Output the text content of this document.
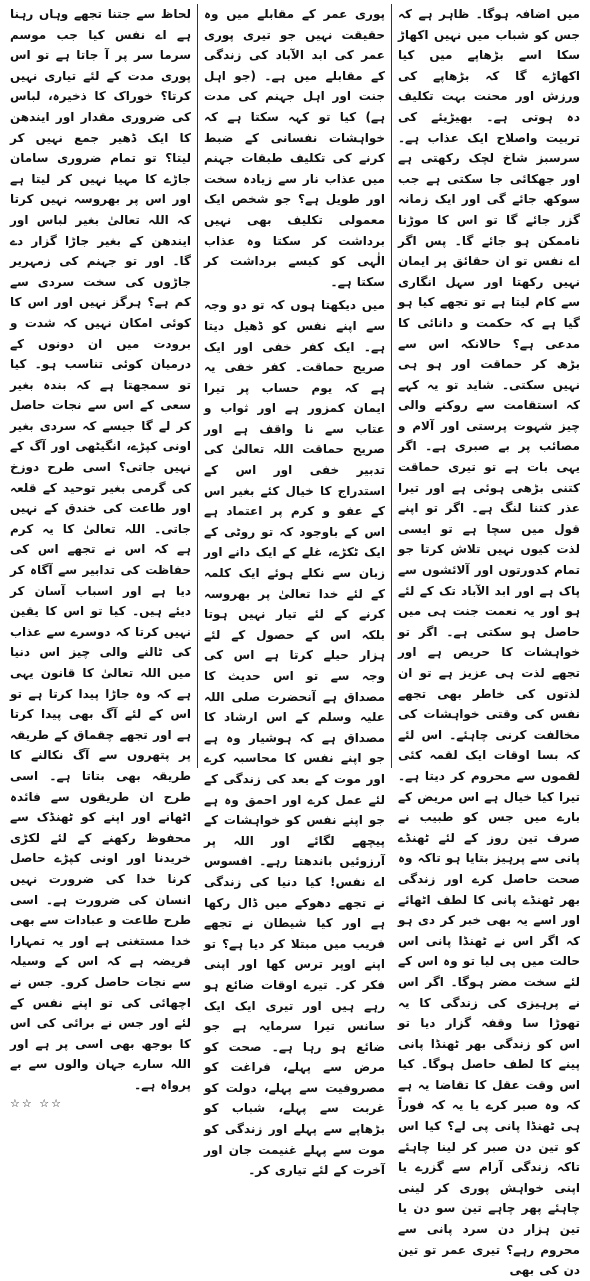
میں اضافہ ہوگا۔ ظاہر ہے کہ جس کو شباب میں نہیں اکھاڑ سکا اسے بڑھاپے میں کیا اکھاڑے گا کہ بڑھاپے کی ورزش اور محنت بہت تکلیف دہ ہوتی ہے۔ بھیڑیئے کی تربیت واصلاح ایک عذاب ہے۔ سرسبز شاخ لچک رکھتی ہے اور جھکائی جا سکتی ہے جب سوکھ جائے گی اور ایک زمانہ گزر جائے گا تو اس کا موڑنا ناممکن ہو جائے گا۔ پس اگر اے نفس تو ان حقائق پر ایمان نہیں رکھتا اور سہل انگاری سے کام لیتا ہے تو تجھے کیا ہو گیا ہے کہ حکمت و دانائی کا مدعی ہے؟ حالانکہ اس سے بڑھ کر حماقت اور ہو ہی نہیں سکتی۔ شاید تو یہ کہے کہ استقامت سے روکنے والی چیز شہوت پرستی اور آلام و مصائب پر بے صبری ہے۔ اگر یہی بات ہے تو تیری حماقت کتنی بڑھی ہوئی ہے اور تیرا عذر کتنا لنگ ہے۔ اگر تو اپنے قول میں سچا ہے تو ایسی لذت کیوں نہیں تلاش کرتا جو تمام کدورتوں اور آلائشوں سے پاک ہے اور ابد الآباد تک کے لئے ہو اور یہ نعمت جنت ہی میں حاصل ہو سکتی ہے۔ اگر تو خواہشات کا حریص ہے اور تجھے لذت ہی عزیز ہے تو ان لذتوں کی خاطر بھی تجھے نفس کی وقتی خواہشات کی مخالفت کرنی چاہئے۔ اس لئے کہ بسا اوقات ایک لقمہ کئی لقموں سے محروم کر دیتا ہے۔ تیرا کیا خیال ہے اس مریض کے بارے میں جس کو طبیب نے صرف تین روز کے لئے ٹھنڈے پانی سے پرہیز بتایا ہو تاکہ وہ صحت حاصل کرے اور زندگی بھر ٹھنڈے پانی کا لطف اٹھائے اور اسے یہ بھی خبر کر دی ہو کہ اگر اس نے ٹھنڈا پانی اس حالت میں پی لیا تو وہ اس کے لئے سخت مضر ہوگا۔ اگر اس نے پرہیزی کی زندگی کا یہ تھوڑا سا وقفہ گزار دیا تو اس کو زندگی بھر ٹھنڈا پانی پینے کا لطف حاصل ہوگا۔ کیا اس وقت عقل کا تقاضا یہ ہے کہ وہ صبر کرے یا یہ کہ فوراً ہی ٹھنڈا پانی پی لے؟ کیا اس کو تین دن صبر کر لینا چاہئے تاکہ زندگی آرام سے گزرے یا اپنی خواہش پوری کر لینی چاہئے پھر چاہے تین سو دن یا تین ہزار دن سرد پانی سے محروم رہے؟ تیری عمر تو تین دن کی بھی

پوری عمر کے مقابلے میں وہ حقیقت نہیں جو تیری پوری عمر کی ابد الآباد کی زندگی کے مقابلے میں ہے۔ (جو اہل جنت اور اہل جہنم کی مدت ہے) کیا تو کہہ سکتا ہے کہ خواہشات نفسانی کے ضبط کرنے کی تکلیف طبقات جہنم میں عذاب نار سے زیادہ سخت اور طویل ہے؟ جو شخص ایک معمولی تکلیف بھی نہیں برداشت کر سکتا وہ عذاب الٰہی کو کیسے برداشت کر سکتا ہے۔

میں دیکھتا ہوں کہ تو دو وجہ سے اپنے نفس کو ڈھیل دیتا ہے۔ ایک کفر خفی اور ایک صریح حماقت۔ کفر خفی یہ ہے کہ یوم حساب پر تیرا ایمان کمزور ہے اور ثواب و عتاب سے نا واقف ہے اور صریح حماقت اللہ تعالیٰ کی تدبیر خفی اور اس کے استدراج کا خیال کئے بغیر اس کے عفو و کرم پر اعتماد ہے اس کے باوجود کہ تو روٹی کے ایک ٹکڑے، غلے کے ایک دانے اور زبان سے نکلے ہوئے ایک کلمہ کے لئے خدا تعالیٰ پر بھروسہ کرنے کے لئے تیار نہیں ہوتا بلکہ اس کے حصول کے لئے ہزار حیلے کرتا ہے اس کی وجہ سے تو اس حدیث کا مصداق ہے آنحضرت صلی اللہ علیہ وسلم کے اس ارشاد کا مصداق ہے کہ ہوشیار وہ ہے جو اپنے نفس کا محاسبہ کرے اور موت کے بعد کی زندگی کے لئے عمل کرے اور احمق وہ ہے جو اپنے نفس کو خواہشات کے پیچھے لگائے اور اللہ پر آرزوئیں باندھتا رہے۔ افسوس اے نفس! کیا دنیا کی زندگی نے تجھے دھوکے میں ڈال رکھا ہے اور کیا شیطان نے تجھے فریب میں مبتلا کر دیا ہے؟ تو اپنے اوپر ترس کھا اور اپنی فکر کر۔ تیرے اوقات ضائع ہو رہے ہیں اور تیری ایک ایک سانس تیرا سرمایہ ہے جو ضائع ہو رہا ہے۔ صحت کو مرض سے پہلے، فراغت کو مصروفیت سے پہلے، دولت کو غربت سے پہلے، شباب کو بڑھاپے سے پہلے اور زندگی کو موت سے پہلے غنیمت جان اور آخرت کے لئے تیاری کر۔

لحاظ سے جتنا تجھے وہاں رہنا ہے اے نفس کیا جب موسم سرما سر پر آ جاتا ہے تو اس پوری مدت کے لئے تیاری نہیں کرتا؟ خوراک کا ذخیرہ، لباس کی ضروری مقدار اور ایندھن کا ایک ڈھیر جمع نہیں کر لیتا؟ تو تمام ضروری سامان جاڑے کا مہیا نہیں کر لیتا ہے اور اس پر بھروسہ نہیں کرتا کہ اللہ تعالیٰ بغیر لباس اور ایندھن کے بغیر جاڑا گزار دے گا۔ اور تو جہنم کی زمہریر جاڑوں کی سخت سردی سے کم ہے؟ ہرگز نہیں اور اس کا کوئی امکان نہیں کہ شدت و برودت میں ان دونوں کے درمیان کوئی تناسب ہو۔ کیا تو سمجھتا ہے کہ بندہ بغیر سعی کے اس سے نجات حاصل کر لے گا جیسے کہ سردی بغیر اونی کپڑے، انگیٹھی اور آگ کے نہیں جاتی؟ اسی طرح دوزخ کی گرمی بغیر توحید کے قلعہ اور طاعت کی خندق کے نہیں جاتی۔ اللہ تعالیٰ کا یہ کرم ہے کہ اس نے تجھے اس کی حفاظت کی تدابیر سے آگاہ کر دیا ہے اور اسباب آسان کر دیئے ہیں۔ کیا تو اس کا یقین نہیں کرتا کہ دوسرے سے عذاب کی ٹالنے والی چیز اس دنیا میں اللہ تعالیٰ کا قانون یہی ہے کہ وہ جاڑا پیدا کرتا ہے تو اس کے لئے آگ بھی پیدا کرتا ہے اور تجھے چقماق کے طریقہ پر پتھروں سے آگ نکالنے کا طریقہ بھی بتاتا ہے۔ اسی طرح ان طریقوں سے فائدہ اٹھانے اور اپنے کو ٹھنڈک سے محفوظ رکھنے کے لئے لکڑی خریدنا اور اونی کپڑے حاصل کرنا خدا کی ضرورت نہیں انسان کی ضرورت ہے۔ اسی طرح طاعت و عبادات سے بھی خدا مستغنی ہے اور یہ تمہارا فریضہ ہے کہ اس کے وسیلہ سے نجات حاصل کرو۔ جس نے اچھائی کی تو اپنے نفس کے لئے اور جس نے برائی کی اس کا بوجھ بھی اسی پر ہے اور اللہ سارے جہان والوں سے بے پرواہ ہے۔

☆☆ ☆☆
